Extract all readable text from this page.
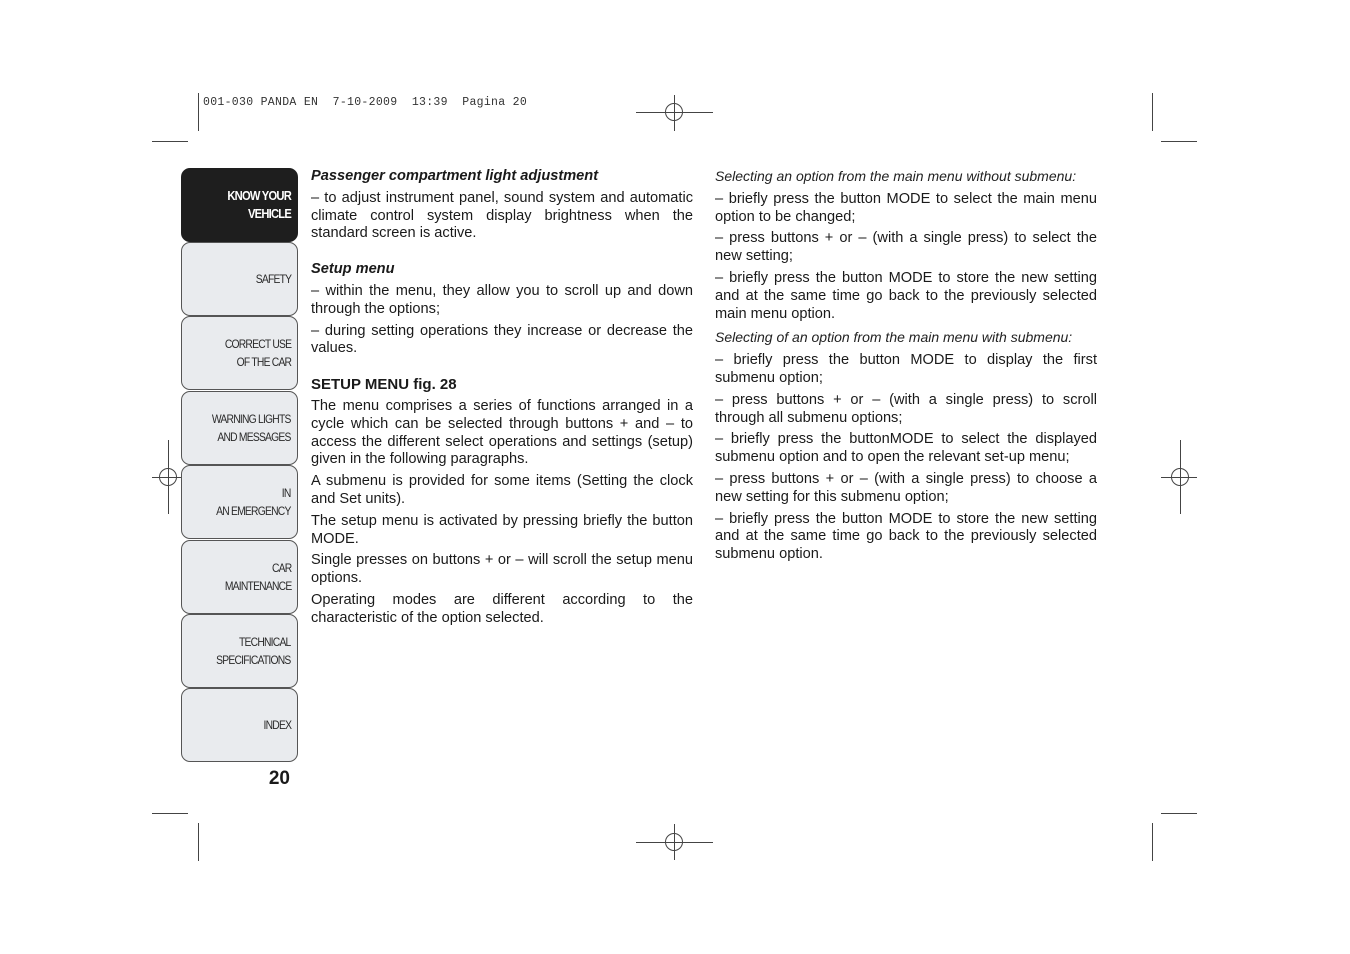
001-030 PANDA EN  7-10-2009  13:39  Pagina 20
KNOW YOUR
VEHICLE
SAFETY
CORRECT USE
OF THE CAR
WARNING LIGHTS
AND MESSAGES
IN
AN EMERGENCY
CAR
MAINTENANCE
TECHNICAL
SPECIFICATIONS
INDEX
20

Passenger compartment light adjustment

– to adjust instrument panel, sound system and automatic climate control system display brightness when the standard screen is active.

Setup menu

– within the menu, they allow you to scroll up and down through the options;

– during setting operations they increase or decrease the values.

SETUP MENU fig. 28

The menu comprises a series of functions arranged in a cycle which can be selected through buttons + and – to access the different select operations and settings (setup) given in the following paragraphs.

A submenu is provided for some items (Setting the clock and Set units).

The setup menu is activated by pressing briefly the button MODE.

Single presses on buttons + or – will scroll the setup menu options.

Operating modes are different according to the characteristic of the option selected.

Selecting an option from the main menu without submenu:

– briefly press the button MODE to select the main menu option to be changed;

– press buttons + or – (with a single press) to select the new setting;

– briefly press the button MODE to store the new setting and at the same time go back to the previously selected main menu option.

Selecting of an option from the main menu with submenu:

– briefly press the button MODE to display the first submenu option;

– press buttons + or – (with a single press) to scroll through all submenu options;

– briefly press the buttonMODE to select the displayed submenu option and to open the relevant set-up menu;

– press buttons + or – (with a single press) to choose a new setting for this submenu option;

– briefly press the button MODE to store the new setting and at the same time go back to the previously selected submenu option.
